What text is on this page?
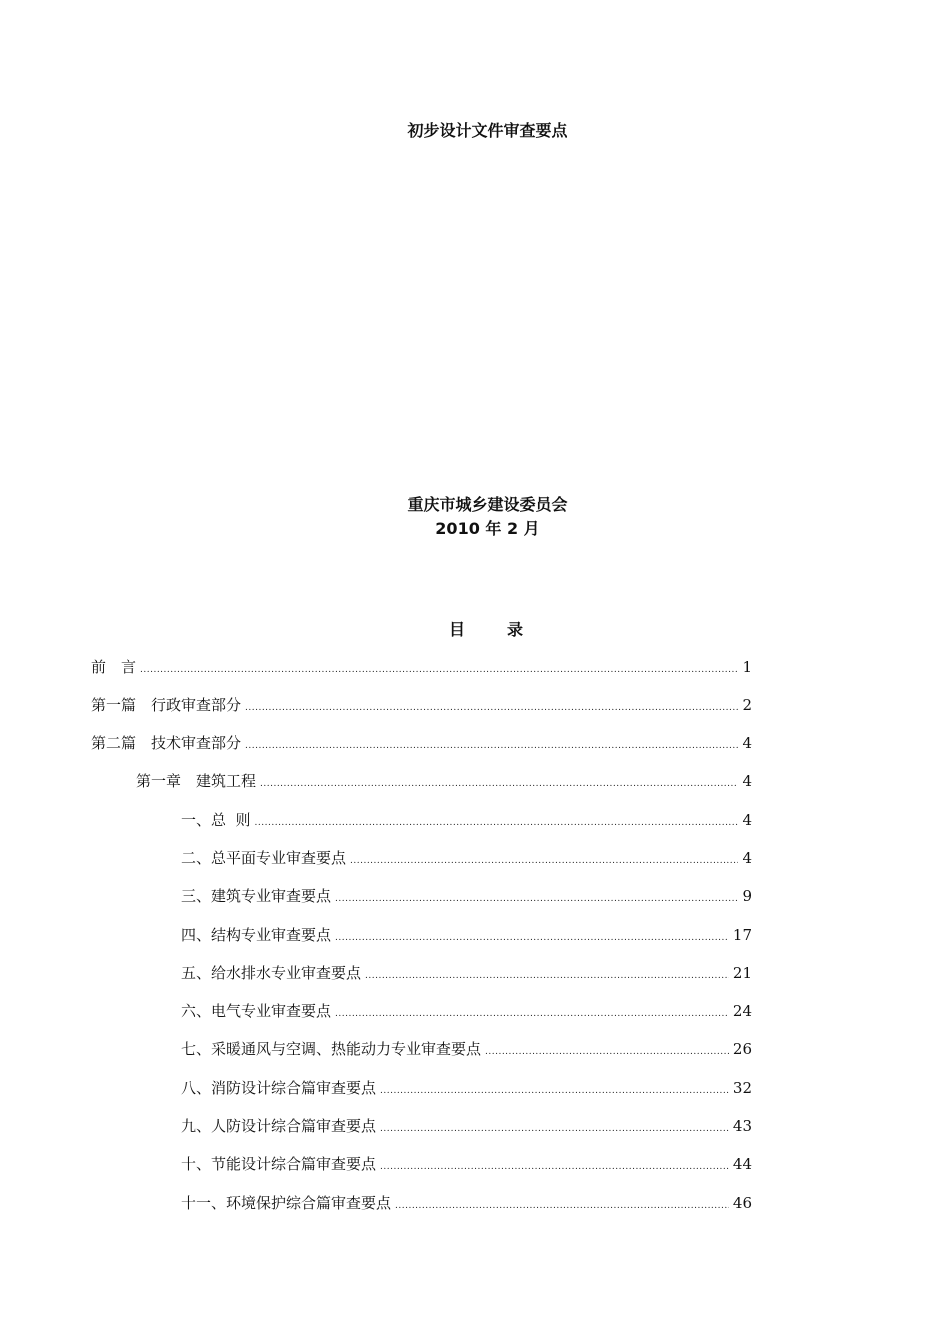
初步设计文件审查要点
重庆市城乡建设委员会
2010 年 2 月
目	录
前　言 .....	1
第一篇　行政审查部分 .....	2
第二篇　技术审查部分 .....	4
第一章　建筑工程 .....	4
一、总  则 .....	4
二、总平面专业审查要点 .....	4
三、建筑专业审查要点 .....	9
四、结构专业审查要点 .....	17
五、给水排水专业审查要点 .....	21
六、电气专业审查要点 .....	24
七、采暖通风与空调、热能动力专业审查要点 .....	26
八、消防设计综合篇审查要点 .....	32
九、人防设计综合篇审查要点 .....	43
十、节能设计综合篇审查要点 .....	44
十一、环境保护综合篇审查要点 .....	46
